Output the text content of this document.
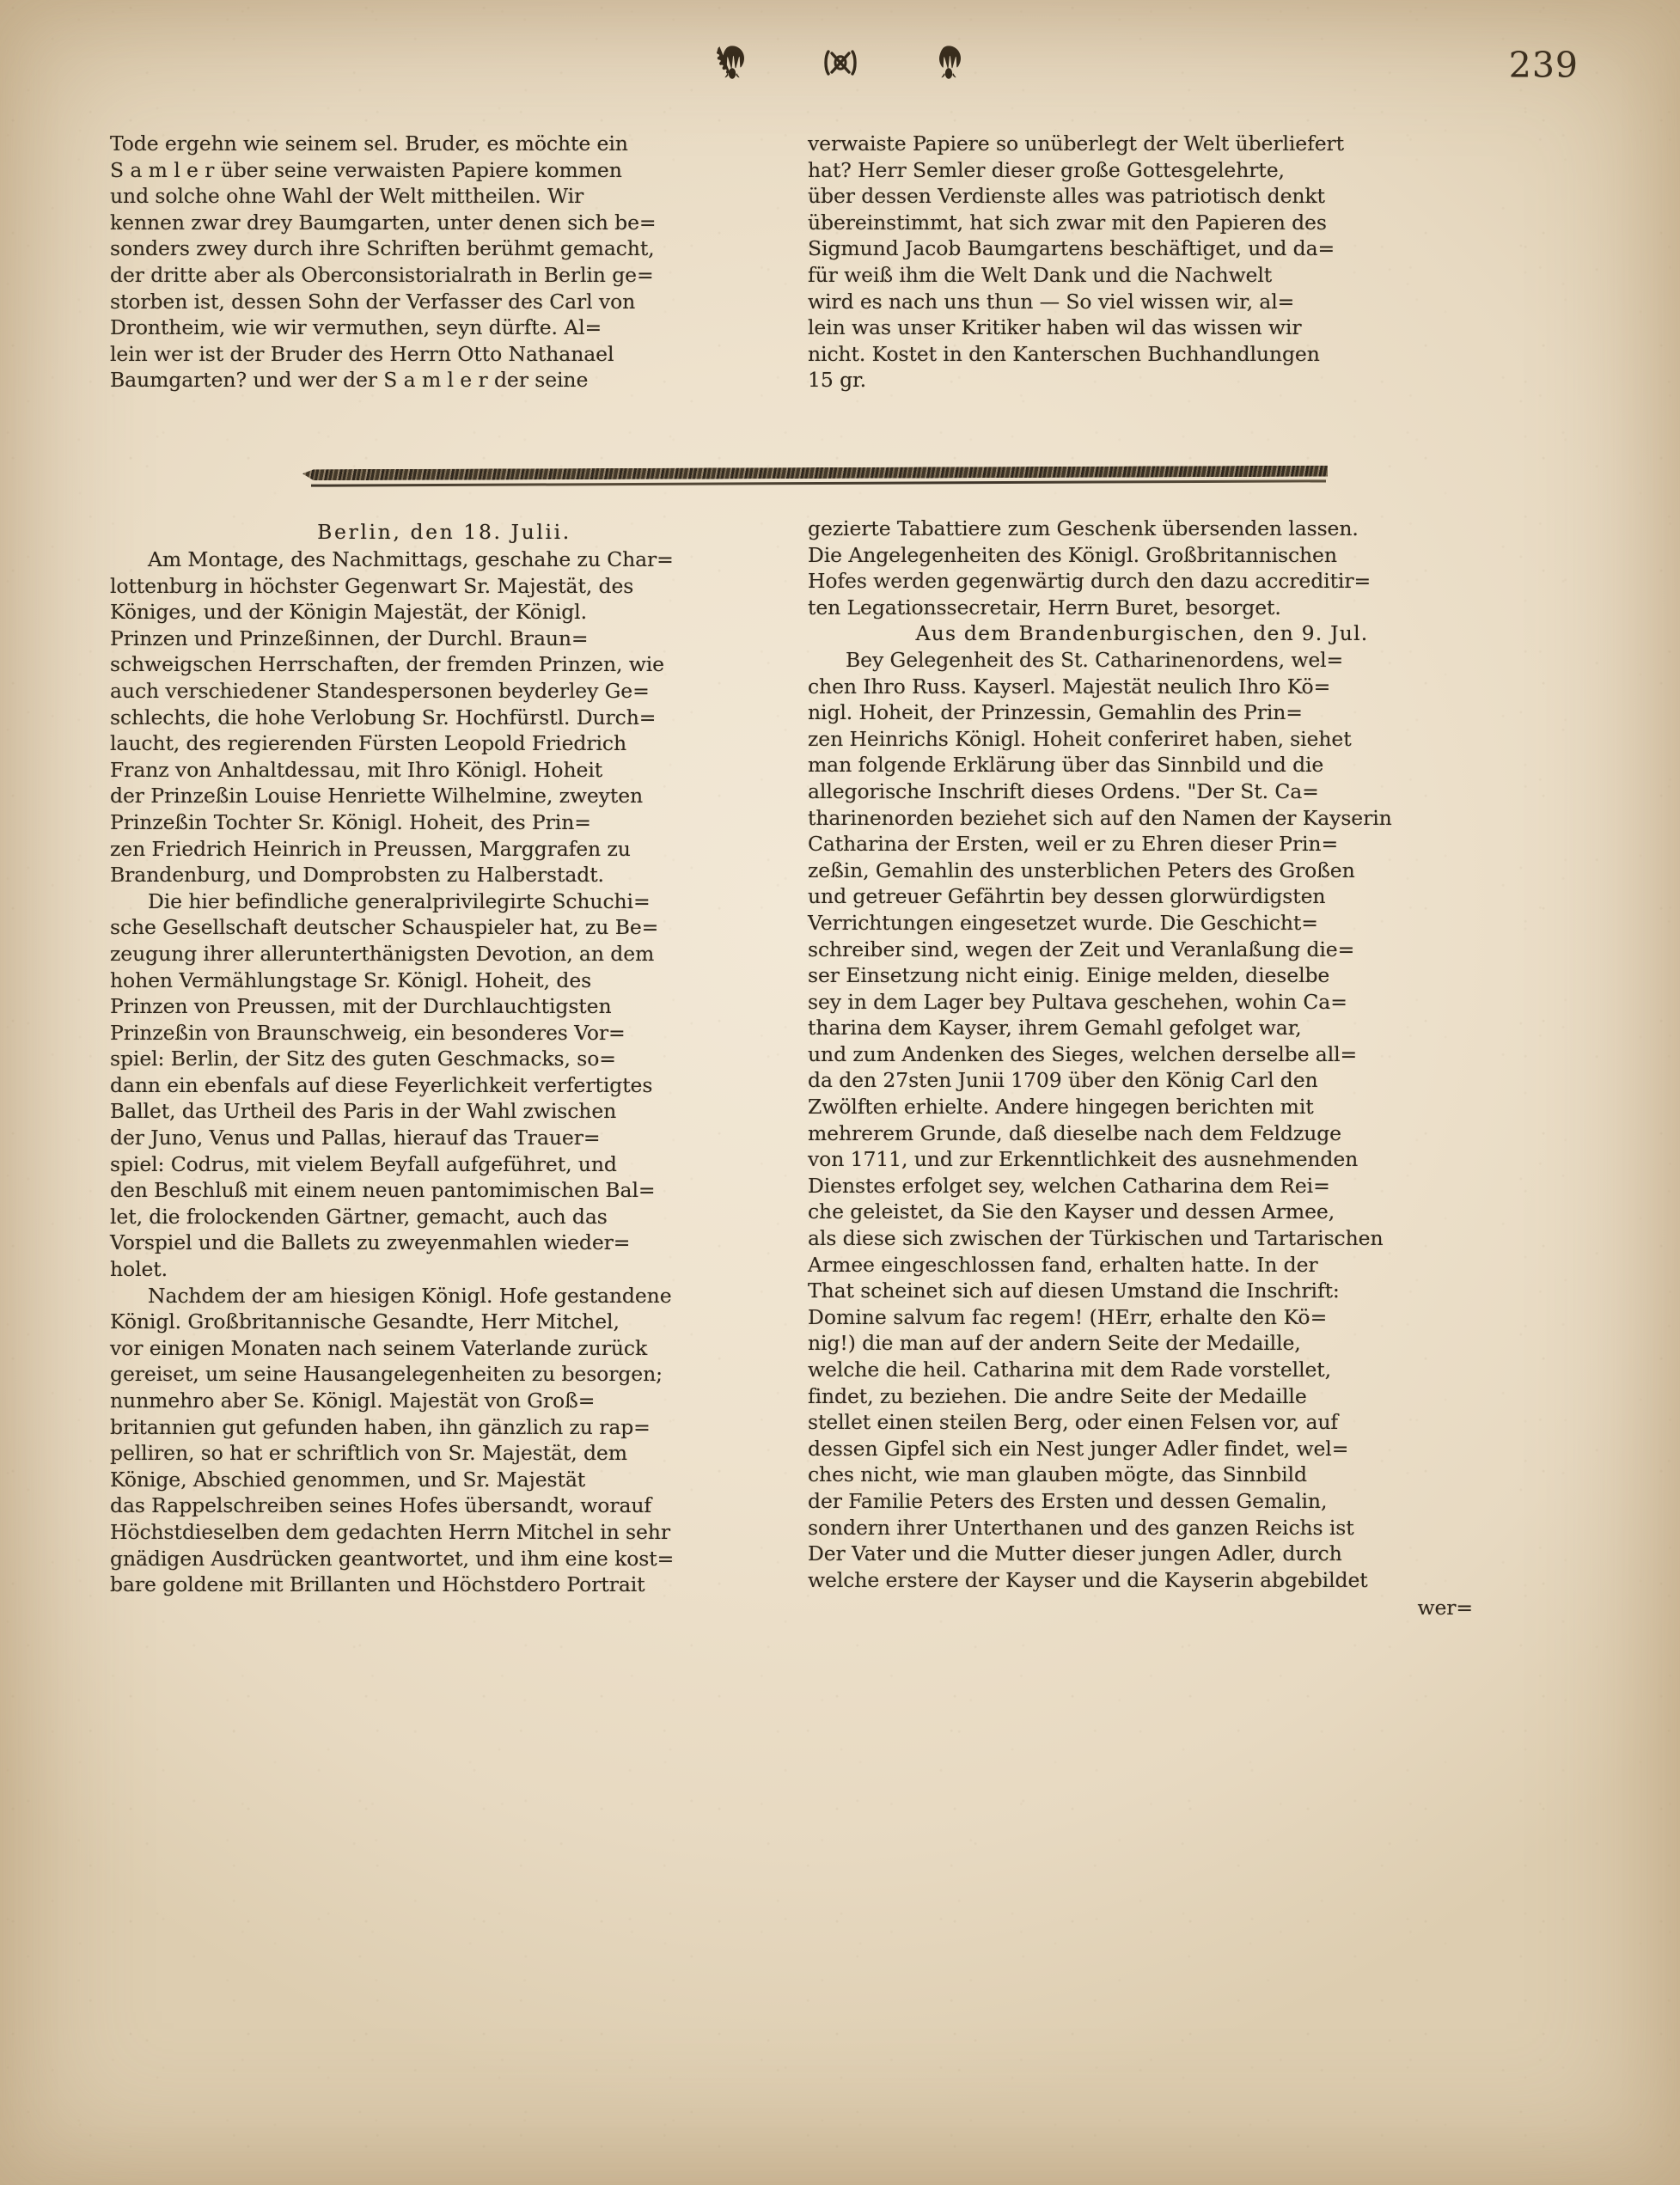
239

Tode ergehn wie seinem sel. Bruder, es möchte ein

S a m l e r über seine verwaisten Papiere kommen

und solche ohne Wahl der Welt mittheilen. Wir

kennen zwar drey Baumgarten, unter denen sich be=

sonders zwey durch ihre Schriften berühmt gemacht,

der dritte aber als Oberconsistorialrath in Berlin ge=

storben ist, dessen Sohn der Verfasser des Carl von

Drontheim, wie wir vermuthen, seyn dürfte. Al=

lein wer ist der Bruder des Herrn Otto Nathanael

Baumgarten? und wer der S a m l e r der seine

verwaiste Papiere so unüberlegt der Welt überliefert

hat? Herr Semler dieser große Gottesgelehrte,

über dessen Verdienste alles was patriotisch denkt

übereinstimmt, hat sich zwar mit den Papieren des

Sigmund Jacob Baumgartens beschäftiget, und da=

für weiß ihm die Welt Dank und die Nachwelt

wird es nach uns thun — So viel wissen wir, al=

lein was unser Kritiker haben wil das wissen wir

nicht. Kostet in den Kanterschen Buchhandlungen

15 gr.

Berlin, den 18. Julii.

Am Montage, des Nachmittags, geschahe zu Char=

lottenburg in höchster Gegenwart Sr. Majestät, des

Königes, und der Königin Majestät, der Königl.

Prinzen und Prinzeßinnen, der Durchl. Braun=

schweigschen Herrschaften, der fremden Prinzen, wie

auch verschiedener Standespersonen beyderley Ge=

schlechts, die hohe Verlobung Sr. Hochfürstl. Durch=

laucht, des regierenden Fürsten Leopold Friedrich

Franz von Anhaltdessau, mit Ihro Königl. Hoheit

der Prinzeßin Louise Henriette Wilhelmine, zweyten

Prinzeßin Tochter Sr. Königl. Hoheit, des Prin=

zen Friedrich Heinrich in Preussen, Marggrafen zu

Brandenburg, und Domprobsten zu Halberstadt.

Die hier befindliche generalprivilegirte Schuchi=

sche Gesellschaft deutscher Schauspieler hat, zu Be=

zeugung ihrer allerunterthänigsten Devotion, an dem

hohen Vermählungstage Sr. Königl. Hoheit, des

Prinzen von Preussen, mit der Durchlauchtigsten

Prinzeßin von Braunschweig, ein besonderes Vor=

spiel: Berlin, der Sitz des guten Geschmacks, so=

dann ein ebenfals auf diese Feyerlichkeit verfertigtes

Ballet, das Urtheil des Paris in der Wahl zwischen

der Juno, Venus und Pallas, hierauf das Trauer=

spiel: Codrus, mit vielem Beyfall aufgeführet, und

den Beschluß mit einem neuen pantomimischen Bal=

let, die frolockenden Gärtner, gemacht, auch das

Vorspiel und die Ballets zu zweyenmahlen wieder=

holet.

Nachdem der am hiesigen Königl. Hofe gestandene

Königl. Großbritannische Gesandte, Herr Mitchel,

vor einigen Monaten nach seinem Vaterlande zurück

gereiset, um seine Hausangelegenheiten zu besorgen;

nunmehro aber Se. Königl. Majestät von Groß=

britannien gut gefunden haben, ihn gänzlich zu rap=

pelliren, so hat er schriftlich von Sr. Majestät, dem

Könige, Abschied genommen, und Sr. Majestät

das Rappelschreiben seines Hofes übersandt, worauf

Höchstdieselben dem gedachten Herrn Mitchel in sehr

gnädigen Ausdrücken geantwortet, und ihm eine kost=

bare goldene mit Brillanten und Höchstdero Portrait

gezierte Tabattiere zum Geschenk übersenden lassen.

Die Angelegenheiten des Königl. Großbritannischen

Hofes werden gegenwärtig durch den dazu accreditir=

ten Legationssecretair, Herrn Buret, besorget.

Aus dem Brandenburgischen, den 9. Jul.

Bey Gelegenheit des St. Catharinenordens, wel=

chen Ihro Russ. Kayserl. Majestät neulich Ihro Kö=

nigl. Hoheit, der Prinzessin, Gemahlin des Prin=

zen Heinrichs Königl. Hoheit conferiret haben, siehet

man folgende Erklärung über das Sinnbild und die

allegorische Inschrift dieses Ordens. "Der St. Ca=

tharinenorden beziehet sich auf den Namen der Kayserin

Catharina der Ersten, weil er zu Ehren dieser Prin=

zeßin, Gemahlin des unsterblichen Peters des Großen

und getreuer Gefährtin bey dessen glorwürdigsten

Verrichtungen eingesetzet wurde. Die Geschicht=

schreiber sind, wegen der Zeit und Veranlaßung die=

ser Einsetzung nicht einig. Einige melden, dieselbe

sey in dem Lager bey Pultava geschehen, wohin Ca=

tharina dem Kayser, ihrem Gemahl gefolget war,

und zum Andenken des Sieges, welchen derselbe all=

da den 27sten Junii 1709 über den König Carl den

Zwölften erhielte. Andere hingegen berichten mit

mehrerem Grunde, daß dieselbe nach dem Feldzuge

von 1711, und zur Erkenntlichkeit des ausnehmenden

Dienstes erfolget sey, welchen Catharina dem Rei=

che geleistet, da Sie den Kayser und dessen Armee,

als diese sich zwischen der Türkischen und Tartarischen

Armee eingeschlossen fand, erhalten hatte. In der

That scheinet sich auf diesen Umstand die Inschrift:

Domine salvum fac regem! (HErr, erhalte den Kö=

nig!) die man auf der andern Seite der Medaille,

welche die heil. Catharina mit dem Rade vorstellet,

findet, zu beziehen. Die andre Seite der Medaille

stellet einen steilen Berg, oder einen Felsen vor, auf

dessen Gipfel sich ein Nest junger Adler findet, wel=

ches nicht, wie man glauben mögte, das Sinnbild

der Familie Peters des Ersten und dessen Gemalin,

sondern ihrer Unterthanen und des ganzen Reichs ist

Der Vater und die Mutter dieser jungen Adler, durch

welche erstere der Kayser und die Kayserin abgebildet

wer=
